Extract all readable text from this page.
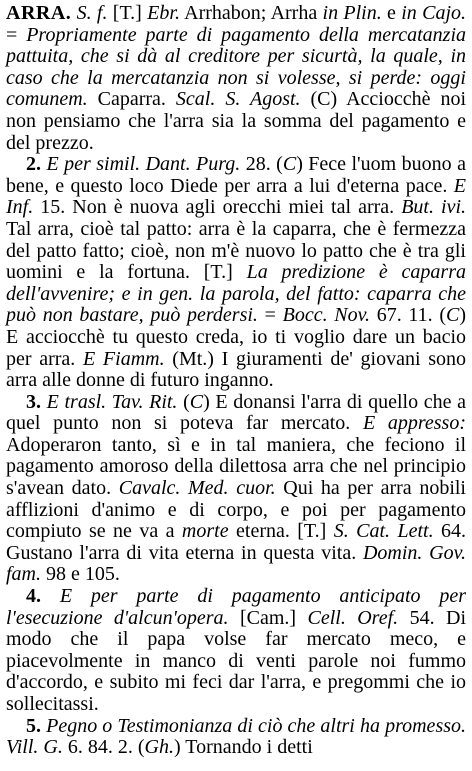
ARRA. S. f. [T.] Ebr. Arrhabon; Arrha in Plin. e in Cajo. = Propriamente parte di pagamento della mercatanzia pattuita, che si dà al creditore per sicurtà, la quale, in caso che la mercatanzia non si volesse, si perde: oggi comunem. Caparra. Scal. S. Agost. (C) Acciocchè noi non pensiamo che l'arra sia la somma del pagamento e del prezzo.

2. E per simil. Dant. Purg. 28. (C) Fece l'uom buono a bene, e questo loco Diede per arra a lui d'eterna pace. E Inf. 15. Non è nuova agli orecchi miei tal arra. But. ivi. Tal arra, cioè tal patto: arra è la caparra, che è fermezza del patto fatto; cioè, non m'è nuovo lo patto che è tra gli uomini e la fortuna. [T.] La predizione è caparra dell'avvenire; e in gen. la parola, del fatto: caparra che può non bastare, può perdersi. = Bocc. Nov. 67. 11. (C) E acciocchè tu questo creda, io ti voglio dare un bacio per arra. E Fiamm. (Mt.) I giuramenti de' giovani sono arra alle donne di futuro inganno.

3. E trasl. Tav. Rit. (C) E donansi l'arra di quello che a quel punto non si poteva far mercato. E appresso: Adoperaron tanto, sì e in tal maniera, che feciono il pagamento amoroso della dilettosa arra che nel principio s'avean dato. Cavalc. Med. cuor. Qui ha per arra nobili afflizioni d'animo e di corpo, e poi per pagamento compiuto se ne va a morte eterna. [T.] S. Cat. Lett. 64. Gustano l'arra di vita eterna in questa vita. Domin. Gov. fam. 98 e 105.

4. E per parte di pagamento anticipato per l'esecuzione d'alcun'opera. [Cam.] Cell. Oref. 54. Di modo che il papa volse far mercato meco, e piacevolmente in manco di venti parole noi fummo d'accordo, e subito mi feci dar l'arra, e pregommi che io sollecitassi.

5. Pegno o Testimonianza di ciò che altri ha promesso. Vill. G. 6. 84. 2. (Gh.) Tornando i detti
